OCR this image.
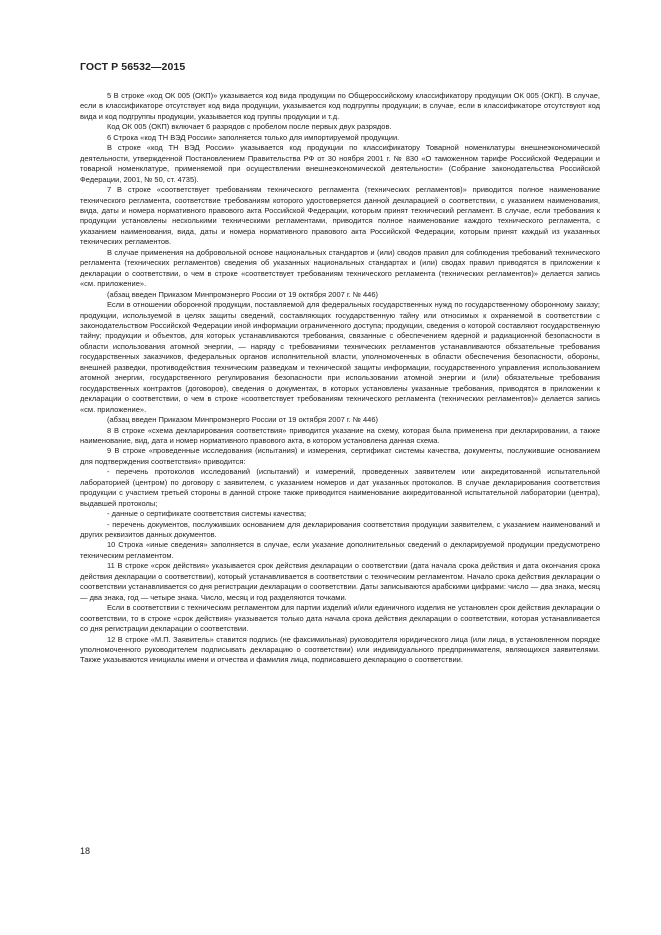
ГОСТ Р 56532—2015

5 В строке «код ОК 005 (ОКП)» указывается код вида продукции по Общероссийскому классификатору продукции ОК 005 (ОКП). В случае, если в классификаторе отсутствует код вида продукции, указывается код подгруппы продукции; в случае, если в классификаторе отсутствуют код вида и код подгруппы продукции, указывается код группы продукции и т.д.

Код ОК 005 (ОКП) включает 6 разрядов с пробелом после первых двух разрядов.

6 Строка «код ТН ВЭД России» заполняется только для импортируемой продукции.

В строке «код ТН ВЭД России» указывается код продукции по классификатору Товарной номенклатуры внешнеэкономической деятельности, утвержденной Постановлением Правительства РФ от 30 ноября 2001 г. № 830 «О таможенном тарифе Российской Федерации и товарной номенклатуре, применяемой при осуществлении внешнеэкономической деятельности» (Собрание законодательства Российской Федерации, 2001, № 50, ст. 4735).

7 В строке «соответствует требованиям технического регламента (технических регламентов)» приводится полное наименование технического регламента, соответствие требованиям которого удостоверяется данной декларацией о соответствии, с указанием наименования, вида, даты и номера нормативного правового акта Российской Федерации, которым принят технический регламент. В случае, если требования к продукции установлены несколькими техническими регламентами, приводится полное наименование каждого технического регламента, с указанием наименования, вида, даты и номера нормативного правового акта Российской Федерации, которым принят каждый из указанных технических регламентов.

В случае применения на добровольной основе национальных стандартов и (или) сводов правил для соблюдения требований технического регламента (технических регламентов) сведения об указанных национальных стандартах и (или) сводах правил приводятся в приложении к декларации о соответствии, о чем в строке «соответствует требованиям технического регламента (технических регламентов)» делается запись «см. приложение».

(абзац введен Приказом Минпромэнерго России от 19 октября 2007 г. № 446)

Если в отношении оборонной продукции, поставляемой для федеральных государственных нужд по государственному оборонному заказу; продукции, используемой в целях защиты сведений, составляющих государственную тайну или относимых к охраняемой в соответствии с законодательством Российской Федерации иной информации ограниченного доступа; продукции, сведения о которой составляют государственную тайну; продукции и объектов, для которых устанавливаются требования, связанные с обеспечением ядерной и радиационной безопасности в области использования атомной энергии, — наряду с требованиями технических регламентов устанавливаются обязательные требования государственных заказчиков, федеральных органов исполнительной власти, уполномоченных в области обеспечения безопасности, обороны, внешней разведки, противодействия техническим разведкам и технической защиты информации, государственного управления использованием атомной энергии, государственного регулирования безопасности при использовании атомной энергии и (или) обязательные требования государственных контрактов (договоров), сведения о документах, в которых установлены указанные требования, приводятся в приложении к декларации о соответствии, о чем в строке «соответствует требованиям технического регламента (технических регламентов)» делается запись «см. приложение».

(абзац введен Приказом Минпромэнерго России от 19 октября 2007 г. № 446)

8 В строке «схема декларирования соответствия» приводится указание на схему, которая была применена при декларировании, а также наименование, вид, дата и номер нормативного правового акта, в котором установлена данная схема.

9 В строке «проведенные исследования (испытания) и измерения, сертификат системы качества, документы, послужившие основанием для подтверждения соответствия» приводится:

- перечень протоколов исследований (испытаний) и измерений, проведенных заявителем или аккредитованной испытательной лабораторией (центром) по договору с заявителем, с указанием номеров и дат указанных протоколов. В случае декларирования соответствия продукции с участием третьей стороны в данной строке также приводится наименование аккредитованной испытательной лаборатории (центра), выдавшей протоколы;

- данные о сертификате соответствия системы качества;

- перечень документов, послуживших основанием для декларирования соответствия продукции заявителем, с указанием наименований и других реквизитов данных документов.

10 Строка «иные сведения» заполняется в случае, если указание дополнительных сведений о декларируемой продукции предусмотрено техническим регламентом.

11 В строке «срок действия» указывается срок действия декларации о соответствии (дата начала срока действия и дата окончания срока действия декларации о соответствии), который устанавливается в соответствии с техническим регламентом. Начало срока действия декларации о соответствии устанавливается со дня регистрации декларации о соответствии. Даты записываются арабскими цифрами: число — два знака, месяц — два знака, год — четыре знака. Число, месяц и год разделяются точками.

Если в соответствии с техническим регламентом для партии изделий и/или единичного изделия не установлен срок действия декларации о соответствии, то в строке «срок действия» указывается только дата начала срока действия декларации о соответствии, которая устанавливается со дня регистрации декларации о соответствии.

12 В строке «М.П. Заявитель» ставится подпись (не факсимильная) руководителя юридического лица (или лица, в установленном порядке уполномоченного руководителем подписывать декларацию о соответствии) или индивидуального предпринимателя, являющихся заявителями. Также указываются инициалы имени и отчества и фамилия лица, подписавшего декларацию о соответствии.

18
